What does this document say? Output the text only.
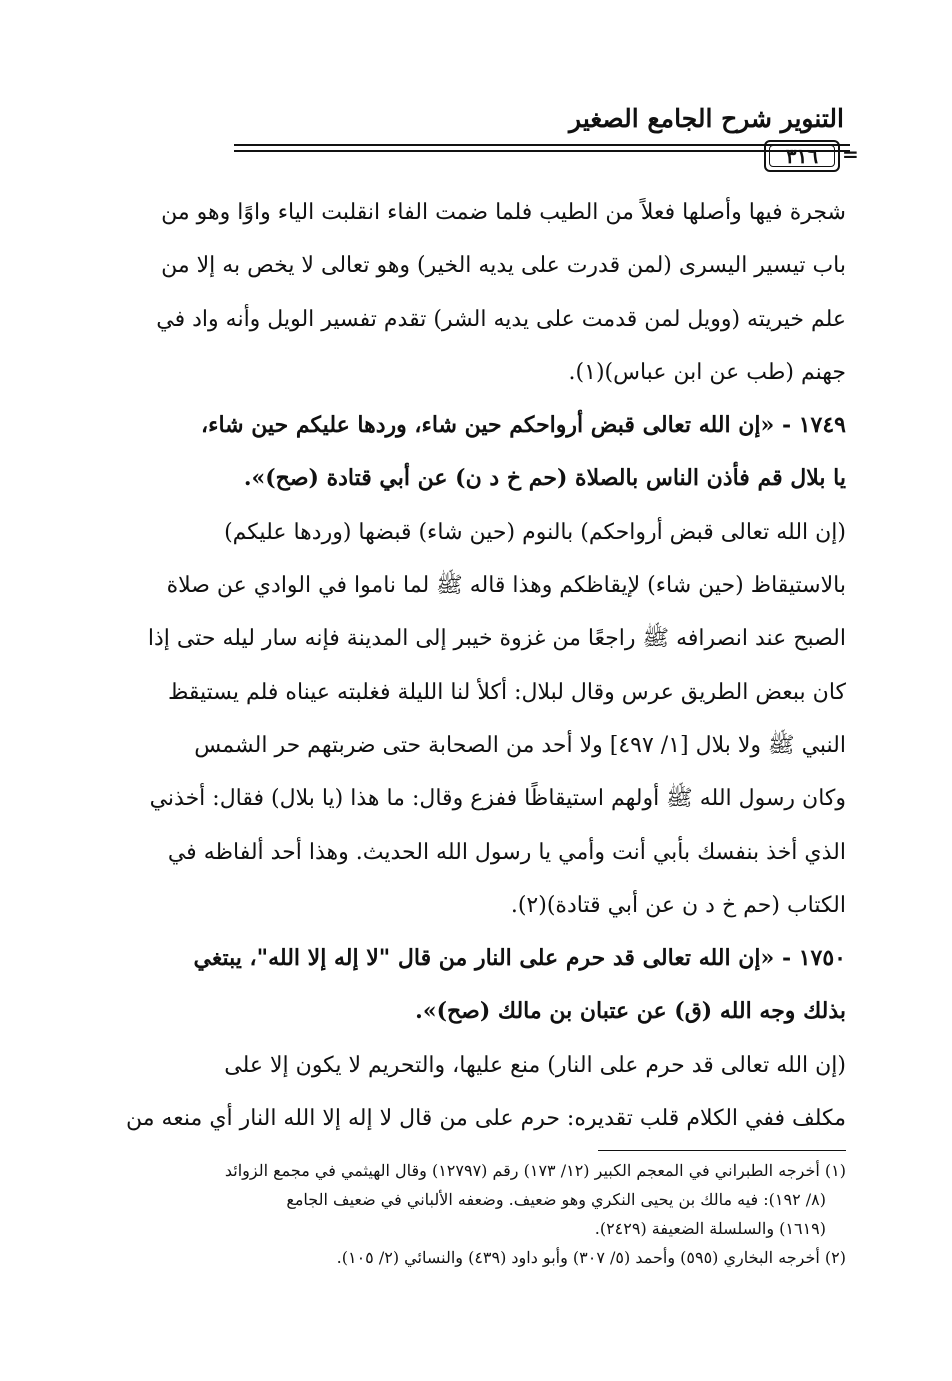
التنوير شرح الجامع الصغير
٣١٦ =
شجرة فيها وأصلها فعلاً من الطيب فلما ضمت الفاء انقلبت الياء واوًا وهو من
باب تيسير اليسرى (لمن قدرت على يديه الخير) وهو تعالى لا يخص به إلا من
علم خيريته (وويل لمن قدمت على يديه الشر) تقدم تفسير الويل وأنه واد في
جهنم (طب عن ابن عباس)(١).
١٧٤٩ - «إن الله تعالى قبض أرواحكم حين شاء، وردها عليكم حين شاء،
يا بلال قم فأذن الناس بالصلاة (حم خ د ن) عن أبي قتادة (صح)».
(إن الله تعالى قبض أرواحكم) بالنوم (حين شاء) قبضها (وردها عليكم)
بالاستيقاظ (حين شاء) لإيقاظكم وهذا قاله ﷺ لما ناموا في الوادي عن صلاة
الصبح عند انصرافه ﷺ راجعًا من غزوة خيبر إلى المدينة فإنه سار ليله حتى إذا
كان ببعض الطريق عرس وقال لبلال: أكلأ لنا الليلة فغلبته عيناه فلم يستيقظ
النبي ﷺ ولا بلال [١/ ٤٩٧] ولا أحد من الصحابة حتى ضربتهم حر الشمس
وكان رسول الله ﷺ أولهم استيقاظًا ففزع وقال: ما هذا (يا بلال) فقال: أخذني
الذي أخذ بنفسك بأبي أنت وأمي يا رسول الله الحديث. وهذا أحد ألفاظه في
الكتاب (حم خ د ن عن أبي قتادة)(٢).
١٧٥٠ - «إن الله تعالى قد حرم على النار من قال "لا إله إلا الله"، يبتغي
بذلك وجه الله (ق) عن عتبان بن مالك (صح)».
(إن الله تعالى قد حرم على النار) منع عليها، والتحريم لا يكون إلا على
مكلف ففي الكلام قلب تقديره: حرم على من قال لا إله إلا الله النار أي منعه من
(١) أخرجه الطبراني في المعجم الكبير (١٢/ ١٧٣) رقم (١٢٧٩٧) وقال الهيثمي في مجمع الزوائد
(٨/ ١٩٢): فيه مالك بن يحيى النكري وهو ضعيف. وضعفه الألباني في ضعيف الجامع
(١٦١٩) والسلسلة الضعيفة (٢٤٢٩).
(٢) أخرجه البخاري (٥٩٥) وأحمد (٥/ ٣٠٧) وأبو داود (٤٣٩) والنسائي (٢/ ١٠٥).
